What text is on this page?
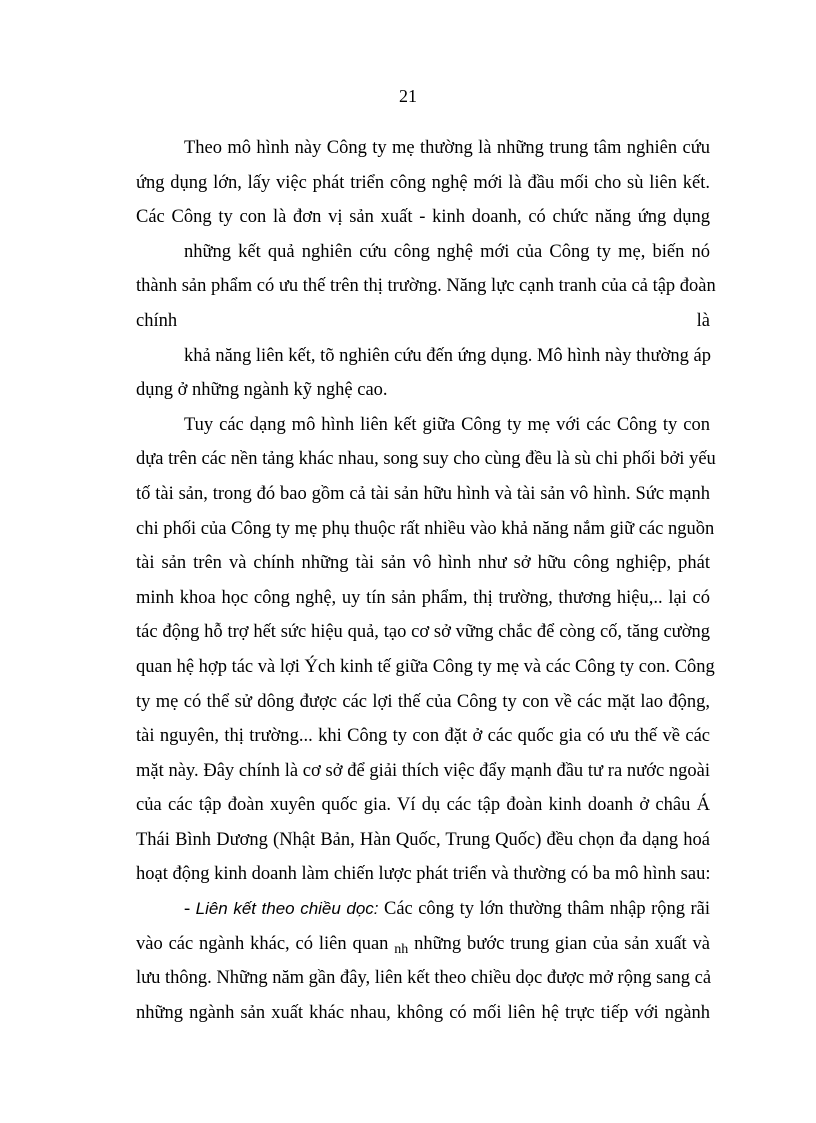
21
Theo mô hình này Công ty mẹ thường là những trung tâm nghiên cứu
ứng dụng lớn, lấy việc phát triển công nghệ mới là đầu mối cho sù liên kết.
Các Công ty con là đơn vị sản xuất - kinh doanh, có chức năng ứng dụng
những kết quả nghiên cứu công nghệ mới của Công ty mẹ, biến nó
thành sản phẩm có ưu thế trên thị trường. Năng lực cạnh tranh của cả tập đoàn
chính	là
khả năng liên kết, tõ nghiên cứu đến ứng dụng. Mô hình này thường áp
dụng ở những ngành kỹ nghệ cao.
Tuy các dạng mô hình liên kết giữa Công ty mẹ với các Công ty con
dựa trên các nền tảng khác nhau, song suy cho cùng đều là sù chi phối bởi yếu
tố tài sản, trong đó bao gồm cả tài sản hữu hình và tài sản vô hình. Sức mạnh
chi phối của Công ty mẹ phụ thuộc rất nhiều vào khả năng nắm giữ các nguồn
tài sản trên và chính những tài sản vô hình như sở hữu công nghiệp, phát
minh khoa học công nghệ, uy tín sản phẩm, thị trường, thương hiệu,.. lại có
tác động hỗ trợ hết sức hiệu quả, tạo cơ sở vững chắc để còng cố, tăng cường
quan hệ hợp tác và lợi Ých kinh tế giữa Công ty mẹ và các Công ty con. Công
ty mẹ có thể sử dông được các lợi thế của Công ty con về các mặt lao động,
tài nguyên, thị trường... khi Công ty con đặt ở các quốc gia có ưu thế về các
mặt này. Đây chính là cơ sở để giải thích việc đẩy mạnh đầu tư ra nước ngoài
của các tập đoàn xuyên quốc gia. Ví dụ các tập đoàn kinh doanh ở châu Á
Thái Bình Dương (Nhật Bản, Hàn Quốc, Trung Quốc) đều chọn đa dạng hoá
hoạt động kinh doanh làm chiến lược phát triển và thường có ba mô hình sau:
- Liên kết theo chiều dọc: Các công ty lớn thường thâm nhập rộng rãi
vào các ngành khác, có liên quan $_{nh}$ những bước trung gian của sản xuất và
lưu thông. Những năm gần đây, liên kết theo chiều dọc được mở rộng sang cả
những ngành sản xuất khác nhau, không có mối liên hệ trực tiếp với ngành
